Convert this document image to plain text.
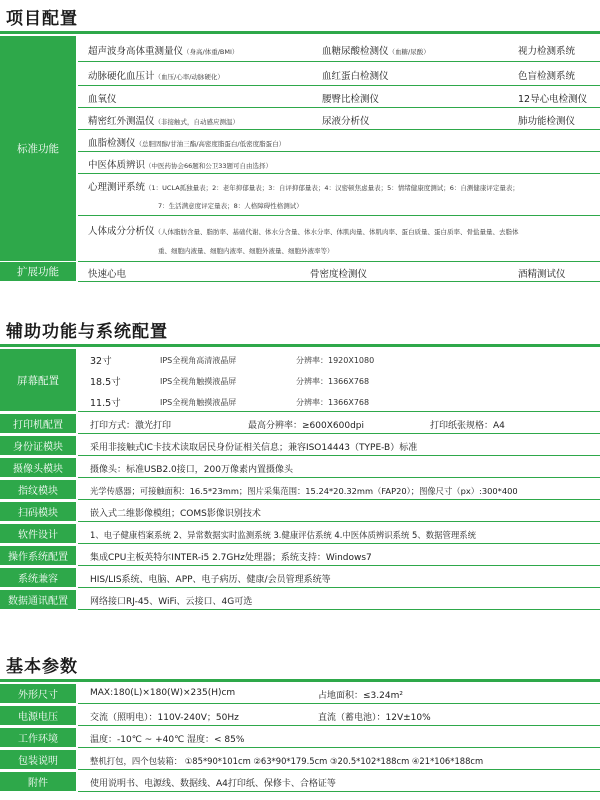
项目配置
标准功能
超声波身高体重测量仪（身高/体重/BMI）	血糖尿酸检测仪（血糖/尿酸）	视力检测系统
动脉硬化血压计（血压/心率/动脉硬化）	血红蛋白检测仪	色盲检测系统
血氧仪	腰臀比检测仪	12导心电检测仪
精密红外测温仪（非接触式，自动感应测温）	尿液分析仪	肺功能检测仪
血脂检测仪（总胆固醇/甘油三酯/高密度脂蛋白/低密度脂蛋白）
中医体质辨识（中医药协会66题和公卫33题可自由选择）
心理测评系统（1：UCLA孤独量表；2：老年抑郁量表；3：自评抑郁量表；4：汉密顿焦虑量表；5：情绪健康度测试；6：自测健康评定量表；
7：生活满意度评定量表；8：人格障碍性格测试）
人体成分分析仪（人体脂肪含量、脂肪率、基础代谢、体水分含量、体水分率、体肌肉量、体肌肉率、蛋白质量、蛋白质率、骨盐量量、去脂体
重、细胞内液量、细胞内液率、细胞外液量、细胞外液率等）
扩展功能	快速心电	骨密度检测仪	酒精测试仪
辅助功能与系统配置
屏幕配置
32寸	IPS全视角高清液晶屏	分辨率：1920X1080
18.5寸	IPS全视角触摸液晶屏	分辨率：1366X768
11.5寸	IPS全视角触摸液晶屏	分辨率：1366X768
打印机配置	打印方式：激光打印	最高分辨率：≥600X600dpi	打印纸张规格：A4
身份证模块	采用非接触式IC卡技术读取居民身份证相关信息；兼容ISO14443（TYPE-B）标准
摄像头模块	摄像头：标准USB2.0接口，200万像素内置摄像头
指纹模块	光学传感器；可接触面积：16.5*23mm；图片采集范围：15.24*20.32mm（FAP20）；图像尺寸（px）:300*400
扫码模块	嵌入式二维影像模组；COMS影像识别技术
软件设计	1、电子健康档案系统 2、异常数据实时监测系统 3.健康评估系统 4.中医体质辨识系统 5、数据管理系统
操作系统配置	集成CPU主板英特尔INTER-i5 2.7GHz处理器；系统支持：Windows7
系统兼容	HIS/LIS系统、电脑、APP、电子病历、健康/会员管理系统等
数据通讯配置	网络接口RJ-45、WiFi、云接口、4G可选
基本参数
外形尺寸	MAX:180(L)×180(W)×235(H)cm	占地面积：≤3.24m²
电源电压	交流（照明电）：110V-240V；50Hz	直流（蓄电池）：12V±10%
工作环境	温度：-10℃ ~ +40℃ 湿度：< 85%
包装说明	整机打包，四个包装箱： ①85*90*101cm ②63*90*179.5cm ③20.5*102*188cm ④21*106*188cm
附件	使用说明书、电源线、数据线、A4打印纸、保修卡、合格证等
